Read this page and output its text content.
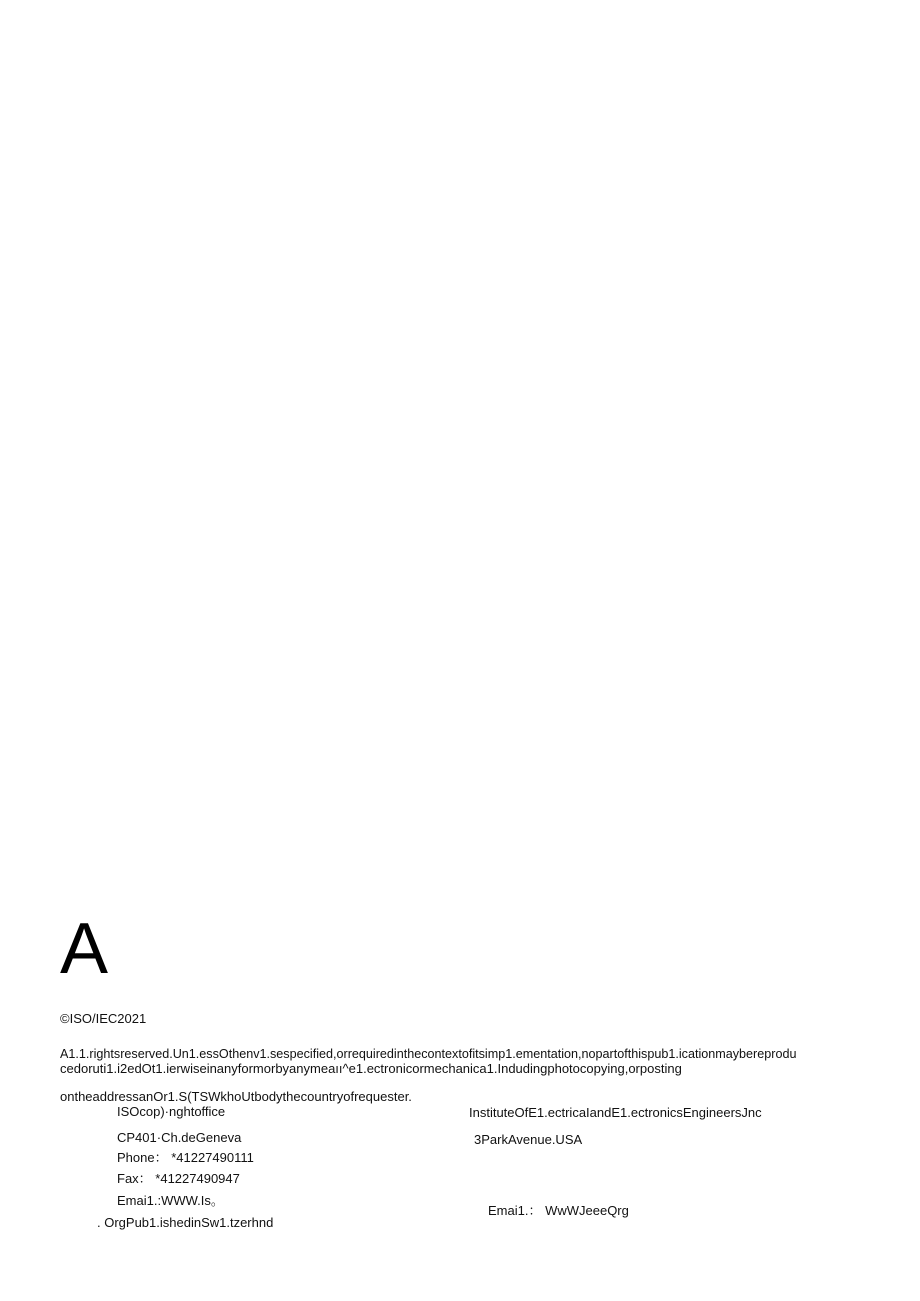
A
©ISO/IEC2021
A1.1.rightsreserved.Un1.essOthenv1.sespecified,orrequiredinthecontextofitsimp1.ementation,nopartofthispub1.icationmaybereprodu
cedoruti1.i2edOt1.ierwiseinanyformorbyanymeaıı^e1.ectronicormechanica1.Indudingphotocopying,orposting
ontheaddressanOr1.S(TSWkhoUtbodythecountryofrequester.
ISOcop)·nghtoffice
CP401·Ch.deGeneva
Phone： *41227490111
Fax： *41227490947
Emai1.:WWW.Is。
. OrgPub1.ishedinSw1.tzerhnd
InstituteOfE1.ectricaIandE1.ectronicsEngineersJnc
3ParkAvenue.USA
Emai1.： WwWJeeeQrg
